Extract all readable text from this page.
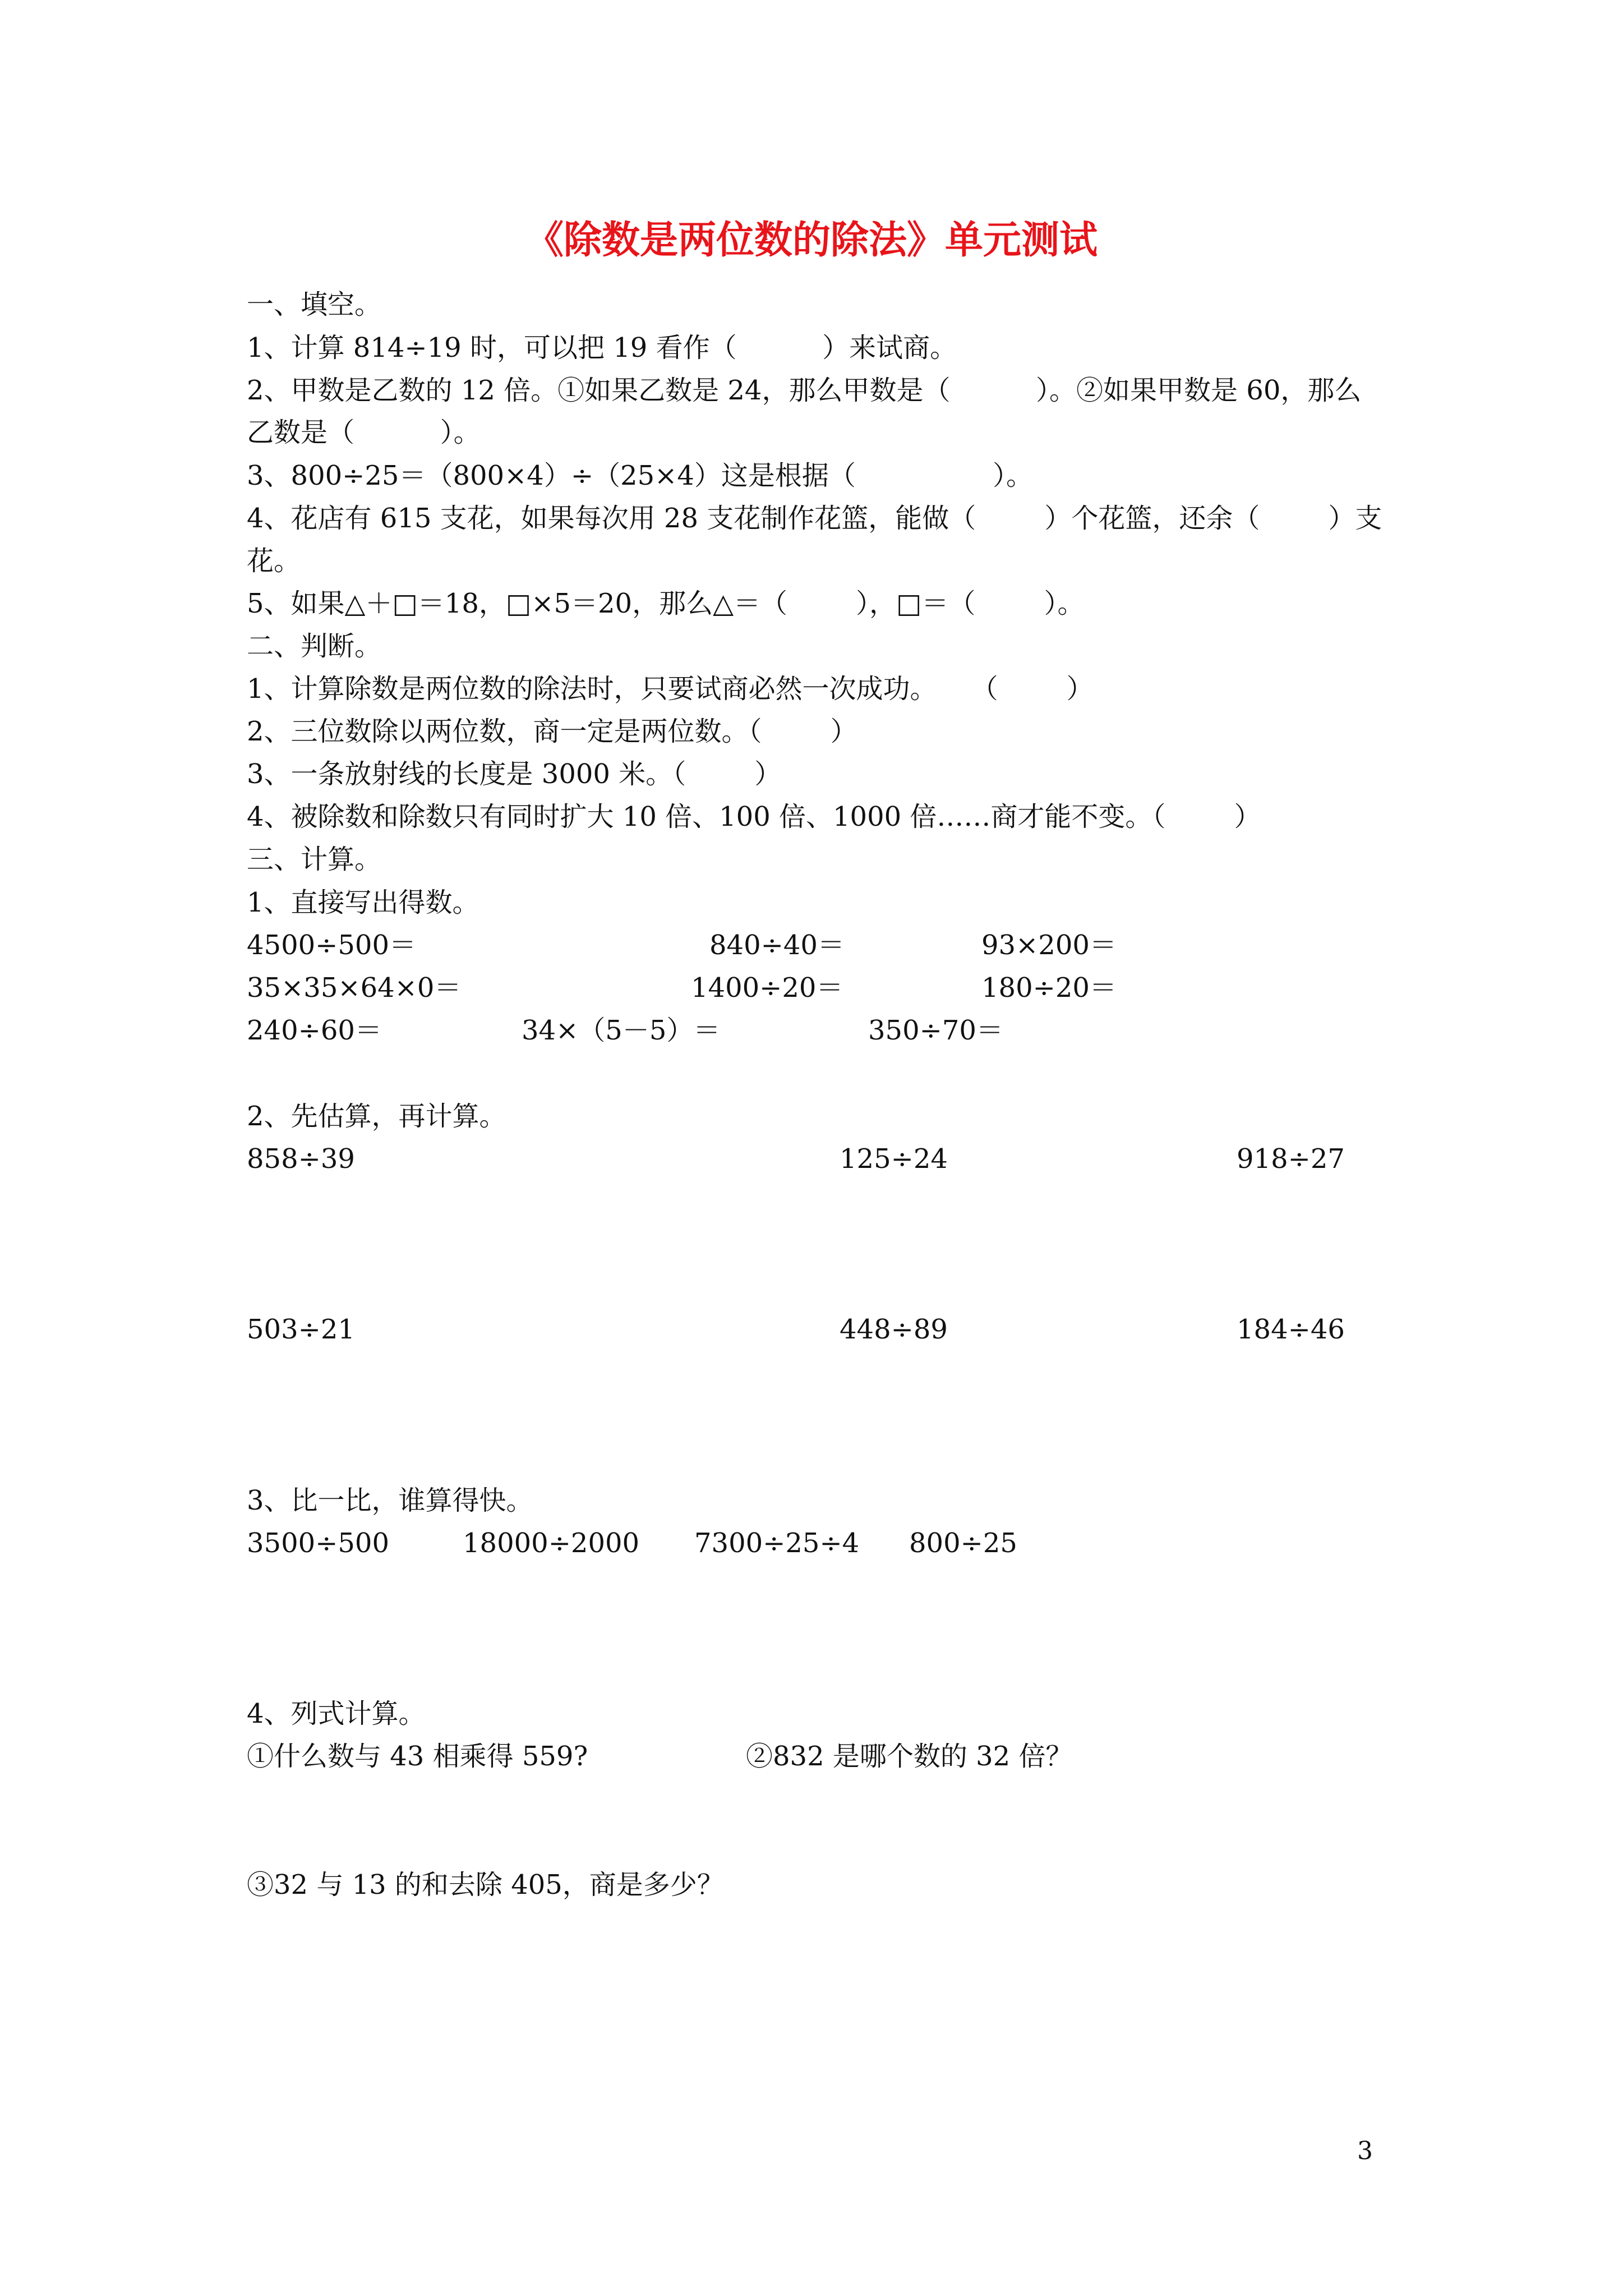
《除数是两位数的除法》单元测试
一、填空。
1、计算 814÷19 时，可以把 19 看作（          ）来试商。
2、甲数是乙数的 12 倍。①如果乙数是 24，那么甲数是（          ）。②如果甲数是 60，那么
乙数是（          ）。
3、800÷25＝（800×4）÷（25×4）这是根据（                ）。
4、花店有 615 支花，如果每次用 28 支花制作花篮，能做（        ）个花篮，还余（        ）支
花。
5、如果△＋□＝18，□×5＝20，那么△＝（        ），□＝（        ）。
二、判断。
1、计算除数是两位数的除法时，只要试商必然一次成功。    （        ）
2、三位数除以两位数，商一定是两位数。（        ）
3、一条放射线的长度是 3000 米。（        ）
4、被除数和除数只有同时扩大 10 倍、100 倍、1000 倍……商才能不变。（        ）
三、计算。
1、直接写出得数。
4500÷500＝	840÷40＝	93×200＝
35×35×64×0＝	1400÷20＝	180÷20＝
240÷60＝	34×（5－5）＝	350÷70＝
2、先估算，再计算。
858÷39	125÷24	918÷27
503÷21	448÷89	184÷46
3、比一比，谁算得快。
3500÷500	18000÷2000 7300÷25÷4 800÷25
4、列式计算。
①什么数与 43 相乘得 559?	②832 是哪个数的 32 倍？
③32 与 13 的和去除 405，商是多少？
3
